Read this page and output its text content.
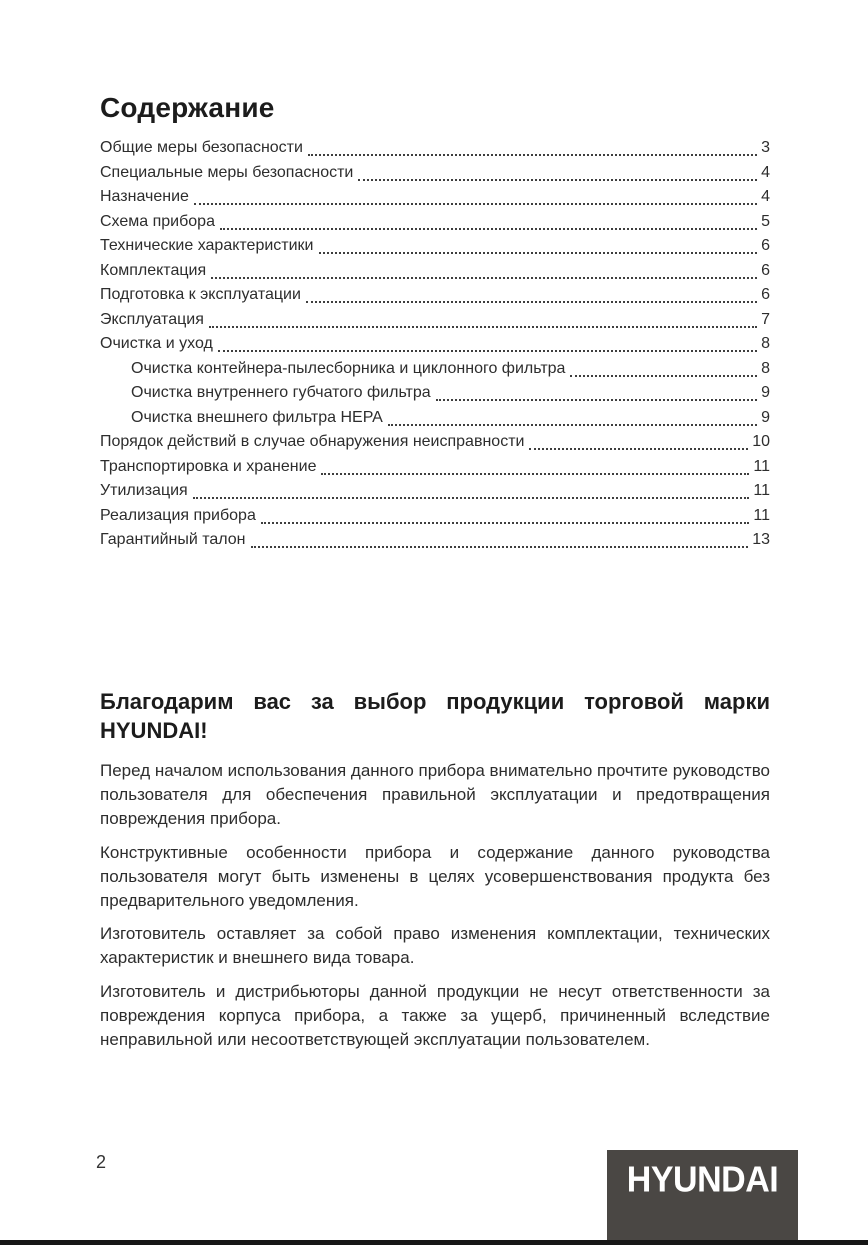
Содержание
Общие меры безопасности	3
Специальные меры безопасности	4
Назначение	4
Схема прибора	5
Технические характеристики	6
Комплектация	6
Подготовка к эксплуатации	6
Эксплуатация	7
Очистка и уход	8
Очистка контейнера-пылесборника и циклонного фильтра	8
Очистка внутреннего губчатого фильтра	9
Очистка внешнего фильтра HEPA	9
Порядок действий в случае обнаружения неисправности	10
Транспортировка и хранение	11
Утилизация	11
Реализация прибора	11
Гарантийный талон	13
Благодарим вас за выбор продукции торговой марки
HYUNDAI!

Перед началом использования данного прибора внимательно прочтите руководство пользователя для обеспечения правильной эксплуатации и предотвращения повреждения прибора.

Конструктивные особенности прибора и содержание данного руководства пользователя могут быть изменены в целях усовершенствования продукта без предварительного уведомления.

Изготовитель оставляет за собой право изменения комплектации, технических характеристик и внешнего вида товара.

Изготовитель и дистрибьюторы данной продукции не несут ответственности за повреждения корпуса прибора, а также за ущерб, причиненный вследствие неправильной или несоответствующей эксплуатации пользователем.

2	HYUNDAI
